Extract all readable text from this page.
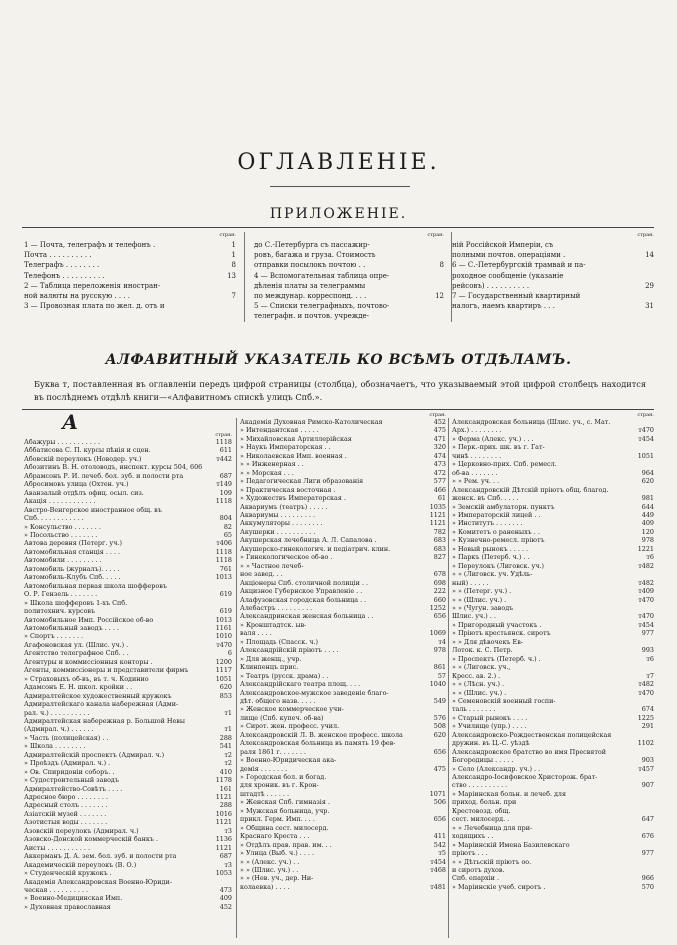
ОГЛАВЛЕНІЕ.
ПРИЛОЖЕНІЕ.
стран.
1 — Почта, телеграфъ и телефонъ .	1
Почта . . . . . . . . . .	1
Телеграфъ . . . . . . . .	8
Телефонъ . . . . . . . . . .	13
2 — Таблица переложенія иностран-
ной валюты на русскую . . . .	7
3 — Провозная плата по жел. д. отъ и
стран.
до С.-Петербурга съ пассажир-
ровъ, багажа и груза. Стоимость
отправки посылокъ почтою . .	8
4 — Вспомогательная таблица опре-
дѣленія платы за телеграммы
по междунар. корреспонд. . . .	12
5 — Списки телеграфныхъ, почтово-
телеграфн. и почтов. учрежде-
стран.
ній Россійской Имперіи, съ
полными почтов. операціями .	14
6 — С.-Петербургскій трамвай и па-
роходное сообщеніе (указаніе
рейсовъ) . . . . . . . . . .	29
7 — Государственный квартирный
налогъ, наемъ квартиръ . . .	31
АЛФАВИТНЫЙ УКАЗАТЕЛЬ КО ВСѢМЪ ОТДѢЛАМЪ.
Буква т, поставленная въ оглавленіи передъ цифрой страницы (столбца), обозначаетъ, что указываемый этой цифрой столбецъ находится въ послѣднемъ отдѣлѣ книги—«Алфавитномъ спискѣ улицъ Спб.».
А
стран.
Абажуры . . . . . . . . . . .	1118
Аббатисова С. П. курсы пѣнія и сцен.	611
Абовскій переулокъ (Новодер. уч.)	т442
Абозитинъ В. Н. отоловодъ, инспект. курсы 504, 606
Абрамсонъ Р. И. лечеб. бол. зуб. и полости рта	687
Абросимовъ улица (Охтен. уч.)	т149
Аванзалый отдѣлъ офиц. осыл. сиз.	109
Акація . . . . . . . . . . . .	1118
Австро-Венгерское иностранное общ. въ
Спб. . . . . . . . . . . .	804
» Консульство . . . . . . .	82
» Посольство . . . . . . .	65
Автова деревня (Петерг. уч.)	т406
Автомобильная станція . . . .	1118
Автомобили . . . . . . . . .	1118
Автомобиль (журналъ). . . . .	761
Автомобиль-Клубъ Спб. . . . .	1013
Автомобильная первая школа шофферовъ
О. Р. Гензель . . . . . . .	619
» Школа шофферовъ 1-хъ Спб.
политехнич. курсовъ	619
Автомобильное Имп. Россійское об-во	1013
Автомобильный заводъ . . . .	1161
» Спортъ . . . . . . .	1010
Агафоновская ул. (Шлис. уч.) .	т470
Агентство телеграфное Спб. . .	6
Агентуры и коммиссіонныя конторы .	1200
Агенты, коммиссіонеры и представители фирмъ	1117
» Страховыхъ об-въ, въ т. ч. Кодинио	1051
Адамсонъ Е. Н. школ. кройки . .	620
Адмиралтейское художественный кружокъ	853
Адмиралтейскаго канала набережная (Адми-
рал. ч.) . . . . . . . . . .	т1
Адмиралтейская набережная р. Большой Невы
(Адмирал. ч.) . . . . . .	т1
» Часть (полицейская) . .	288
» Школа . . . . . . . .	541
Адмиралтейскій проспектъ (Адмирал. ч.)	т2
» Проѣздъ (Адмирал. ч.) .	т2
» Ов. Спиридоніи соборъ. .	410
» Судостроительный заводъ	1178
Адмиралтейство-Совѣтъ . . . .	161
Адресное бюро . . . . . . . .	1121
Адресный столъ . . . . . . .	288
Азіатскій музей . . . . . . .	1016
Азотистыя воды . . . . . . .	1121
Азовскій переулокъ (Адмирал. ч.)	т3
Азовско-Донской коммерческій банкъ .	1136
Аисты . . . . . . . . . . .	1121
Аккерманъ Д. А. зем. бол. зуб. и полости рта	687
Академическій переулокъ (В. О.)	т3
» Студенческій кружокъ .	1053
Академія Александровская Военно-Юриди-
ческая . . . . . . . . . .	473
» Военно-Медицинская Имп.	409
» Духовная православная	452
стран.
Академія Духовная Римско-Католическая	452
» Интендантская . . . . .	475
» Михайловская Артиллерійская	471
» Наукъ Императорская . .	320
» Николаевская Имп. военная .	474
» » Инженерная . .	473
» » Морская . . .	472
» Педагогическая Лиги образованія	577
» Практическая восточная .	466
» Художествъ Императорская .	61
Аквариумъ (театръ) . . . . .	1035
Аквариумы . . . . . . . . .	1121
Аккумуляторы . . . . . . . .	1121
Акушерки . . . . . . . . . .	782
Акушерская лечебница А. Л. Сапалова .	683
Акушерско-гинекологич. и педіатрич. клин.	683
» Гинекологическое об-во .	827
» » Частное лечеб-
ное завед. . .	678
Акціонеры Спб. столичной полиціи . .	698
Акцизное Губернское Управленіе . .	222
Алафузовская городская больница . .	660
Алебастръ . . . . . . . . .	1252
Александринская женская больница . .	656
» Кронштадтск. ыв-
валя . . . .	1069
» Площадь (Спасск. ч.)	т4
Александрійскій пріютъ . . . .	978
» Для женщ., учр.
Клинпенцъ прис.	861
» Театръ (русск. драма) . .	57
Александрійскаго театра площ. . . .	1040
Александровское-мужское заведеніе благо-
дѣт. общего назв. . . . .	549
» Женское коммерческое учи-
лище (Спб. купеч. об-ва)	576
» Сирот. жен. професс. учил.	508
Александровскій Л. В. женское професс. школа	620
Александровская больница въ память 19 фев-
раля 1861 г. . . . . . .	656
» Военно-Юридическая ака-
демія . . . . . . .	475
» Городская бол. и богад.
для хроник. въ г. Крон-
штадтѣ . . . . . .	1071
» Женская Спб. гимназія .	506
» Мужская больница, учр.
прикл. Герм. Имп. . . .	656
» Община сест. милосерд.
Краснаго Креста . . .	411
» Отдѣлъ прав. прав. им. . .	542
» Улица (Выб. ч.) . . . .	т5
» » (Алекс. уч.) . .	т454
» » (Шлис. уч.) . .	т468
» » (Нев. уч., дер. Ни-
колаевка) . . . .	т481
стран.
Александровская больница (Шлис. уч., с. Мат.
Арх.) . . . . . . . .	т470
» Ферма (Алекс. уч.) . . .	т454
» Перк.-прих. шк. въ г. Гат-
чинѣ . . . . . . . .	1051
» Церковно-прих. Спб. ремесл.
об-ва . . . . . . .	964
» » Рем. уч. . .	620
Александровскій Дѣтскій пріютъ общ. благод.
женск. въ Спб. . . . .	981
» Земскій амбулаторн. пунктъ	644
» Императорскій лицей . .	449
» Институтъ . . . . . . .	409
» Комитетъ о раненыхъ . .	120
» Кузнечно-ремесл. пріютъ	978
» Новый рынокъ . . . . .	1221
» Паркъ (Петерб. ч.) . .	т6
» Переулокъ (Лиговск. уч.)	т482
» » (Лиговск. уч. Удѣль-
ный) . . . . .	т482
» » (Петерг. уч.) .	т409
» » (Шлис. уч.) .	т470
» » (Чугун. заводъ
Шлис. уч.) . .	т470
» Пригородный участокъ .	т454
» Пріютъ крестьянск. сиротъ	977
» » Для дѣвочекъ Ев-
Лоток. к. С. Петр.	993
» Проспектъ (Петерб. ч.) .	т6
» » (Лиговск. уч.,
Кресс. ав. 2.) .	т7
» » (Лѣсн. уч.) .	т482
» » (Шлис. уч.) .	т470
» Семеновскій военный госпи-
таль . . . . . . .	674
» Старый рынокъ . . . .	1225
» Училище (упр.) . . . .	291
Александровско-Рождественская полицейская
дружин. въ Ц.-С. уѣздѣ	1102
Александровское братство во имя Пресвятой
Богородицы . . . . .	903
» Село (Александр. уч.) . .	т457
Александро-Іосифовское Христорож. брат-
ство . . . . . . . . . .	907
» Маріинская больн. и лечеб. для
приход. больн. при
Крестовозд. общ.
сест. милосерд. .	647
» » Лечебница для при-
ходящихъ . .	676
» Маріинскій Имена Базилевскаго
пріютъ . . .	977
» » Дѣтьскій пріютъ оо.
и сиротъ духов.
Спб. епархіи .	966
» Маріинскіе учеб. сиротъ .	570
